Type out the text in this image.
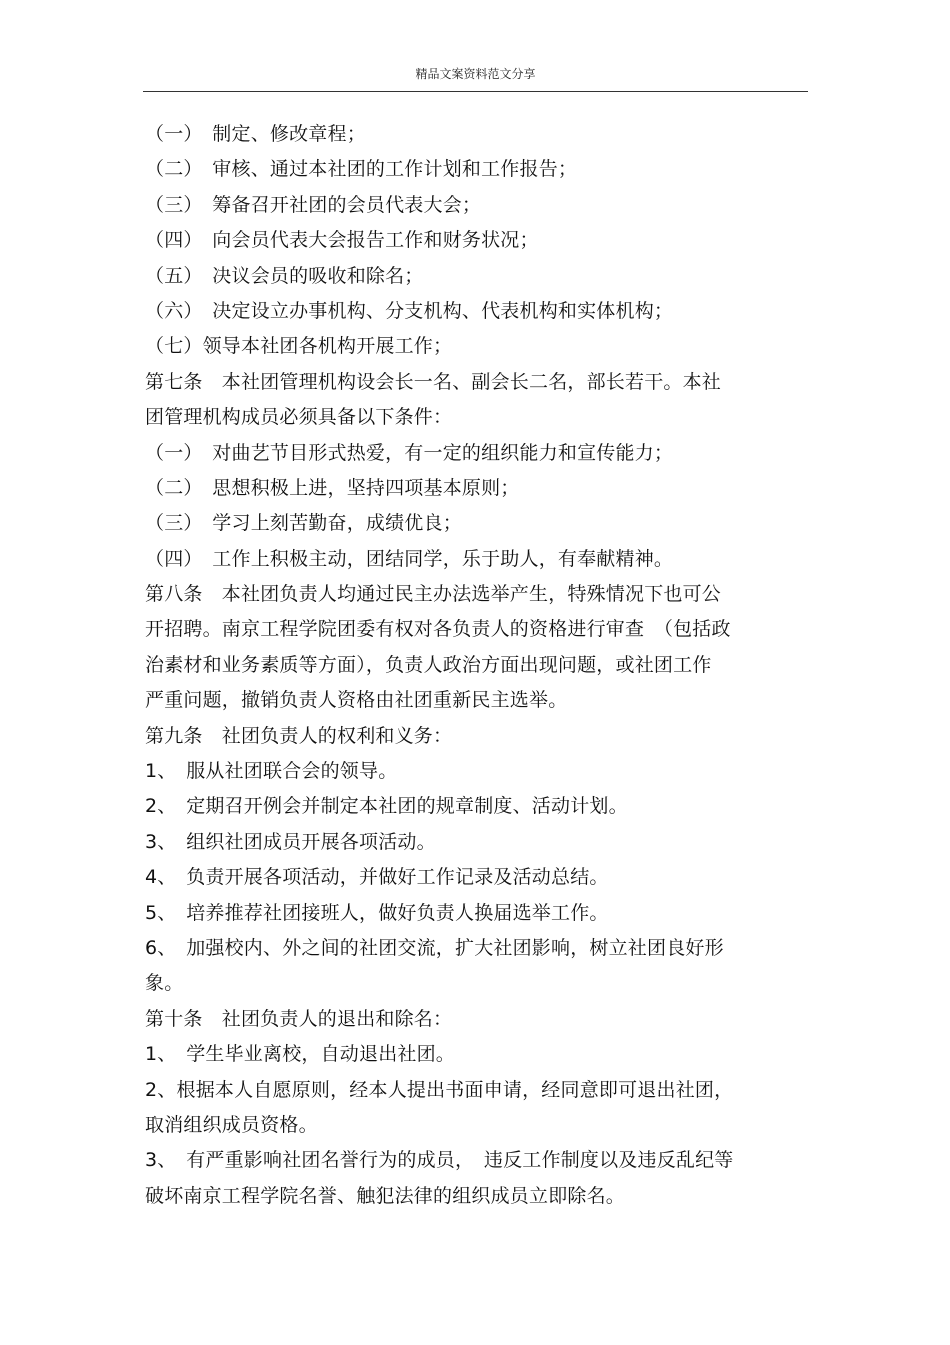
精品文案资料范文分享
（一）　制定、修改章程；
（二）　审核、通过本社团的工作计划和工作报告；
（三）　筹备召开社团的会员代表大会；
（四）　向会员代表大会报告工作和财务状况；
（五）　决议会员的吸收和除名；
（六）　决定设立办事机构、分支机构、代表机构和实体机构；
（七）领导本社团各机构开展工作；
第七条　本社团管理机构设会长一名、副会长二名，部长若干。本社
团管理机构成员必须具备以下条件：
（一）　对曲艺节目形式热爱，有一定的组织能力和宣传能力；
（二）　思想积极上进，坚持四项基本原则；
（三）　学习上刻苦勤奋，成绩优良；
（四）　工作上积极主动，团结同学，乐于助人，有奉献精神。
第八条　本社团负责人均通过民主办法选举产生，特殊情况下也可公
开招聘。南京工程学院团委有权对各负责人的资格进行审查　（包括政
治素材和业务素质等方面），负责人政治方面出现问题，或社团工作
严重问题，撤销负责人资格由社团重新民主选举。
第九条　社团负责人的权利和义务：
1、　服从社团联合会的领导。
2、　定期召开例会并制定本社团的规章制度、活动计划。
3、　组织社团成员开展各项活动。
4、　负责开展各项活动，并做好工作记录及活动总结。
5、　培养推荐社团接班人，做好负责人换届选举工作。
6、　加强校内、外之间的社团交流，扩大社团影响，树立社团良好形
象。
第十条　社团负责人的退出和除名：
1、　学生毕业离校，自动退出社团。
2、根据本人自愿原则，经本人提出书面申请，经同意即可退出社团，
取消组织成员资格。
3、　有严重影响社团名誉行为的成员，　违反工作制度以及违反乱纪等
破坏南京工程学院名誉、触犯法律的组织成员立即除名。
